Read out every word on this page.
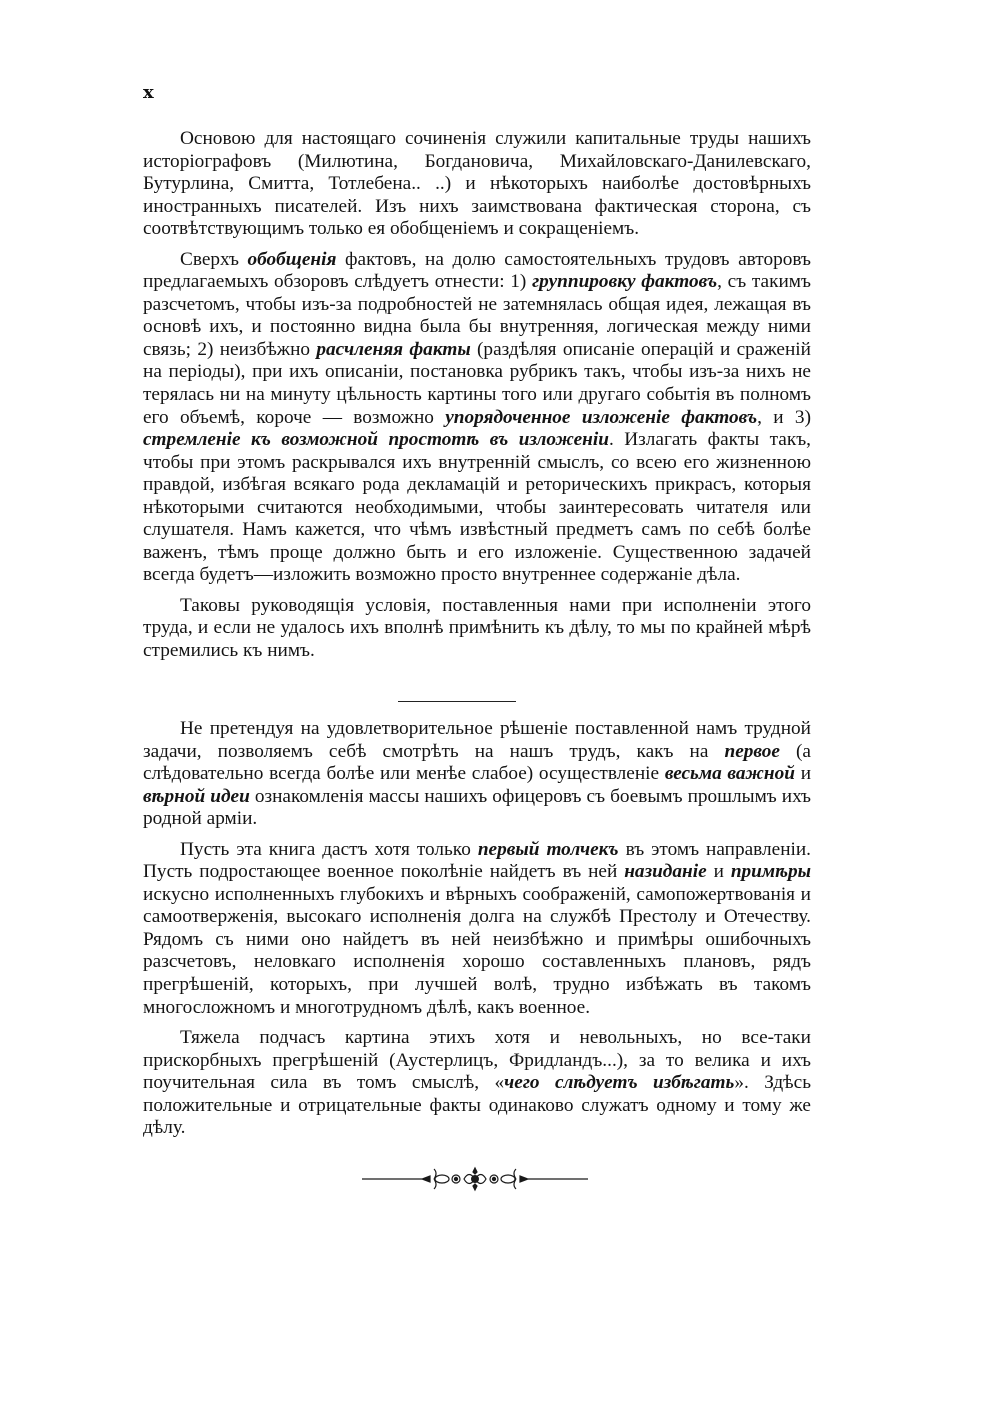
x

Основою для настоящаго сочиненія служили капитальные труды нашихъ исторіографовъ (Милютина, Богдановича, Михайловскаго-Данилевскаго, Бутурлина, Смитта, Тотлебена.. ..) и нѣкоторыхъ наиболѣе достовѣрныхъ иностранныхъ писателей. Изъ нихъ заимствована фактическая сторона, съ соотвѣтствующимъ только ея обобщеніемъ и сокращеніемъ.

Сверхъ обобщенія фактовъ, на долю самостоятельныхъ трудовъ авторовъ предлагаемыхъ обзоровъ слѣдуетъ отнести: 1) группировку фактовъ, съ такимъ разсчетомъ, чтобы изъ-за подробностей не затемнялась общая идея, лежащая въ основѣ ихъ, и постоянно видна была бы внутренняя, логическая между ними связь; 2) неизбѣжно расчленяя факты (раздѣляя описаніе операцій и сраженій на періоды), при ихъ описаніи, постановка рубрикъ такъ, чтобы изъ-за нихъ не терялась ни на минуту цѣльность картины того или другаго событія въ полномъ его объемѣ, короче — возможно упорядоченное изложеніе фактовъ, и 3) стремленіе къ возможной простотѣ въ изложеніи. Излагать факты такъ, чтобы при этомъ раскрывался ихъ внутренній смыслъ, со всею его жизненною правдой, избѣгая всякаго рода декламацій и реторическихъ прикрасъ, которыя нѣкоторыми считаются необходимыми, чтобы заинтересовать читателя или слушателя. Намъ кажется, что чѣмъ извѣстный предметъ самъ по себѣ болѣе важенъ, тѣмъ проще должно быть и его изложеніе. Существенною задачей всегда будетъ—изложить возможно просто внутреннее содержаніе дѣла.

Таковы руководящія условія, поставленныя нами при исполненіи этого труда, и если не удалось ихъ вполнѣ примѣнить къ дѣлу, то мы по крайней мѣрѣ стремились къ нимъ.

Не претендуя на удовлетворительное рѣшеніе поставленной намъ трудной задачи, позволяемъ себѣ смотрѣть на нашъ трудъ, какъ на первое (а слѣдовательно всегда болѣе или менѣе слабое) осуществленіе весьма важной и вѣрной идеи ознакомленія массы нашихъ офицеровъ съ боевымъ прошлымъ ихъ родной арміи.

Пусть эта книга дастъ хотя только первый толчекъ въ этомъ направленіи. Пусть подростающее военное поколѣніе найдетъ въ ней назиданіе и примѣры искусно исполненныхъ глубокихъ и вѣрныхъ соображеній, самопожертвованія и самоотверженія, высокаго исполненія долга на службѣ Престолу и Отечеству. Рядомъ съ ними оно найдетъ въ ней неизбѣжно и примѣры ошибочныхъ разсчетовъ, неловкаго исполненія хорошо составленныхъ плановъ, рядъ прегрѣшеній, которыхъ, при лучшей волѣ, трудно избѣжать въ такомъ многосложномъ и многотрудномъ дѣлѣ, какъ военное.

Тяжела подчасъ картина этихъ хотя и невольныхъ, но все-таки прискорбныхъ прегрѣшеній (Аустерлицъ, Фридландъ...), за то велика и ихъ поучительная сила въ томъ смыслѣ, «чего слѣдуетъ избѣгать». Здѣсь положительные и отрицательные факты одинаково служатъ одному и тому же дѣлу.
